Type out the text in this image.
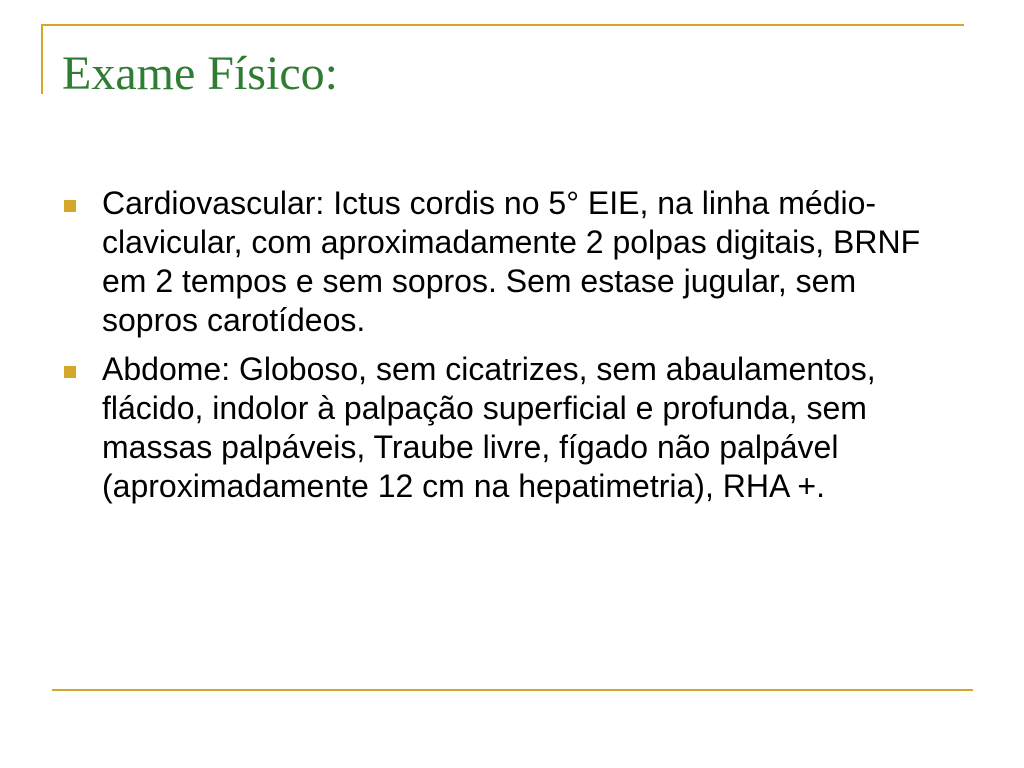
Exame Físico:
Cardiovascular: Ictus cordis no 5° EIE, na linha médio-clavicular, com aproximadamente 2 polpas digitais, BRNF em 2 tempos e sem sopros. Sem estase jugular, sem sopros carotídeos.
Abdome: Globoso, sem cicatrizes, sem abaulamentos, flácido, indolor à palpação superficial e profunda, sem massas palpáveis, Traube livre, fígado não palpável (aproximadamente 12 cm na hepatimetria), RHA +.
